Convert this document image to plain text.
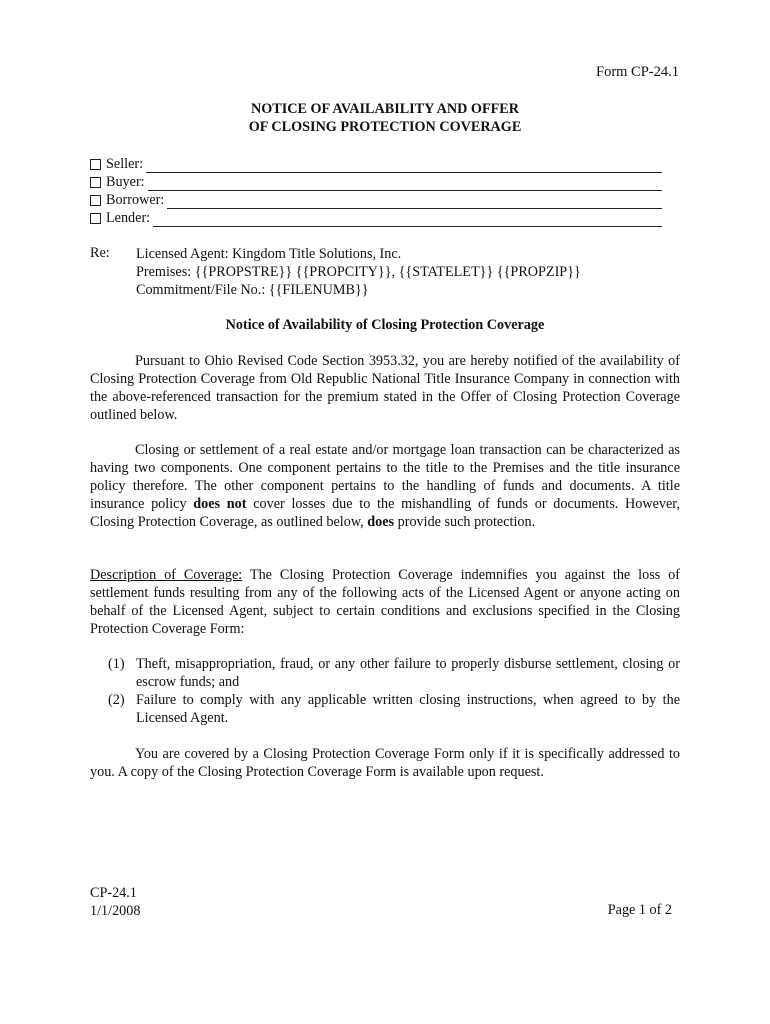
Form CP-24.1
NOTICE OF AVAILABILITY AND OFFER
OF CLOSING PROTECTION COVERAGE
Seller:
Buyer:
Borrower:
Lender:
Re: Licensed Agent: Kingdom Title Solutions, Inc.
Premises: {{PROPSTRE}} {{PROPCITY}}, {{STATELET}} {{PROPZIP}}
Commitment/File No.: {{FILENUMB}}
Notice of Availability of Closing Protection Coverage
Pursuant to Ohio Revised Code Section 3953.32, you are hereby notified of the availability of Closing Protection Coverage from Old Republic National Title Insurance Company in connection with the above-referenced transaction for the premium stated in the Offer of Closing Protection Coverage outlined below.
Closing or settlement of a real estate and/or mortgage loan transaction can be characterized as having two components. One component pertains to the title to the Premises and the title insurance policy therefore. The other component pertains to the handling of funds and documents. A title insurance policy does not cover losses due to the mishandling of funds or documents. However, Closing Protection Coverage, as outlined below, does provide such protection.
Description of Coverage: The Closing Protection Coverage indemnifies you against the loss of settlement funds resulting from any of the following acts of the Licensed Agent or anyone acting on behalf of the Licensed Agent, subject to certain conditions and exclusions specified in the Closing Protection Coverage Form:
(1) Theft, misappropriation, fraud, or any other failure to properly disburse settlement, closing or escrow funds; and
(2) Failure to comply with any applicable written closing instructions, when agreed to by the Licensed Agent.
You are covered by a Closing Protection Coverage Form only if it is specifically addressed to you. A copy of the Closing Protection Coverage Form is available upon request.
CP-24.1
1/1/2008	Page 1 of 2
